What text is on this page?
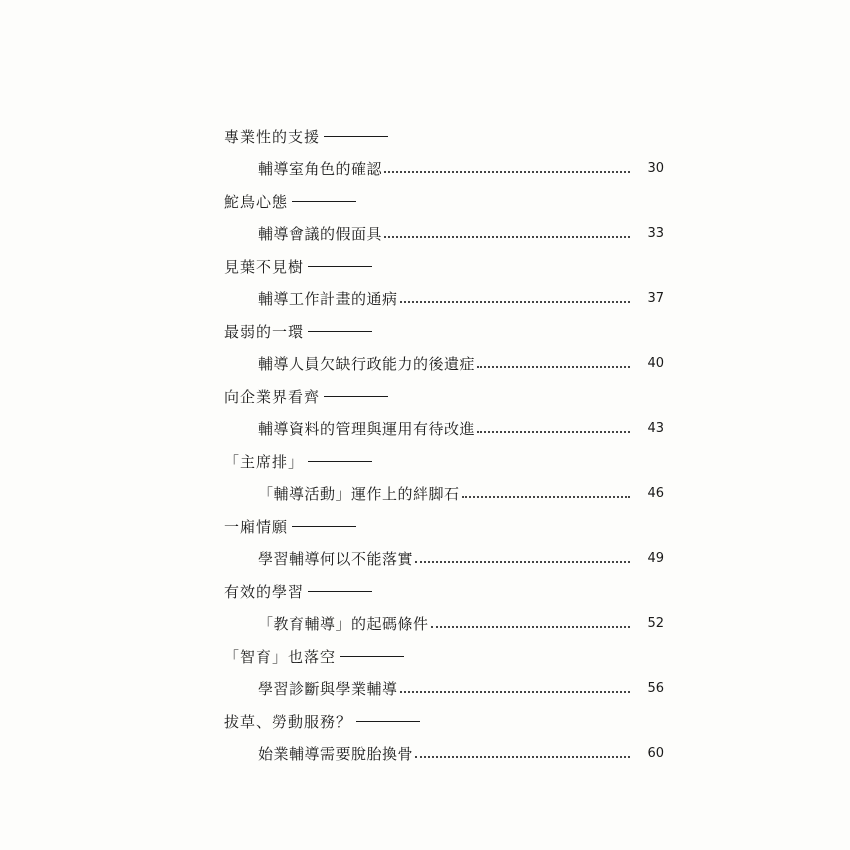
專業性的支援
輔導室角色的確認	30
鮀鳥心態
輔導會議的假面具	33
見葉不見樹
輔導工作計畫的通病	37
最弱的一環
輔導人員欠缺行政能力的後遺症	40
向企業界看齊
輔導資料的管理與運用有待改進	43
「主席排」
「輔導活動」運作上的絆脚石	46
一廂情願
學習輔導何以不能落實	49
有效的學習
「教育輔導」的起碼條件	52
「智育」也落空
學習診斷與學業輔導	56
拔草、勞動服務？
始業輔導需要脫胎換骨	60
